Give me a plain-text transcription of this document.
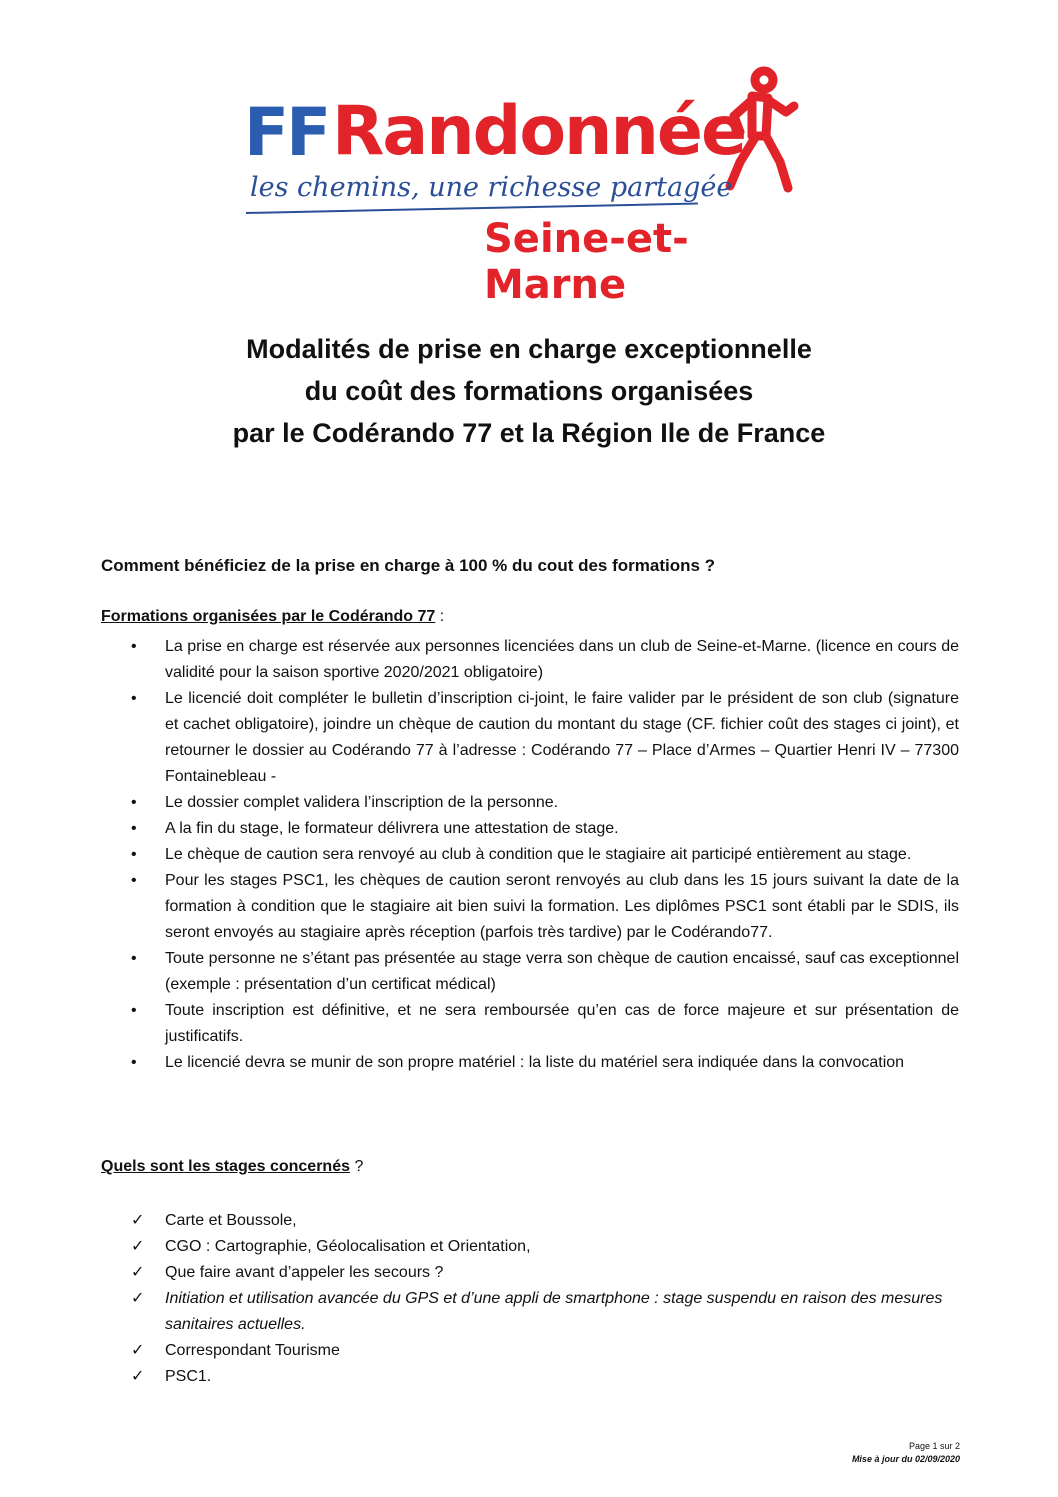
FF Randonnée
les chemins, une richesse partagée
Seine-et-Marne
Modalités de prise en charge exceptionnelle
du coût des formations organisées
par le Codérando 77 et la Région Ile de France
Comment bénéficiez de la prise en charge à 100 % du cout des formations ?
Formations organisées par le Codérando 77 :
• La prise en charge est réservée aux personnes licenciées dans un club de Seine-et-Marne. (licence en cours de validité pour la saison sportive 2020/2021 obligatoire)
• Le licencié doit compléter le bulletin d’inscription ci-joint, le faire valider par le président de son club (signature et cachet obligatoire), joindre un chèque de caution du montant du stage (CF. fichier coût des stages ci joint), et retourner le dossier au Codérando 77 à l’adresse : Codérando 77 – Place d’Armes – Quartier Henri IV – 77300 Fontainebleau -
• Le dossier complet validera l’inscription de la personne.
• A la fin du stage, le formateur délivrera une attestation de stage.
• Le chèque de caution sera renvoyé au club à condition que le stagiaire ait participé entièrement au stage.
• Pour les stages PSC1, les chèques de caution seront renvoyés au club dans les 15 jours suivant la date de la formation à condition que le stagiaire ait bien suivi la formation. Les diplômes PSC1 sont établi par le SDIS, ils seront envoyés au stagiaire après réception (parfois très tardive) par le Codérando77.
• Toute personne ne s’étant pas présentée au stage verra son chèque de caution encaissé, sauf cas exceptionnel (exemple : présentation d’un certificat médical)
• Toute inscription est définitive, et ne sera remboursée qu’en cas de force majeure et sur présentation de justificatifs.
• Le licencié devra se munir de son propre matériel : la liste du matériel sera indiquée dans la convocation
Quels sont les stages concernés ?
✓ Carte et Boussole,
✓ CGO : Cartographie, Géolocalisation et Orientation,
✓ Que faire avant d’appeler les secours ?
✓ Initiation et utilisation avancée du GPS et d’une appli de smartphone : stage suspendu en raison des mesures sanitaires actuelles.
✓ Correspondant Tourisme
✓ PSC1.
Page 1 sur 2
Mise à jour du 02/09/2020
